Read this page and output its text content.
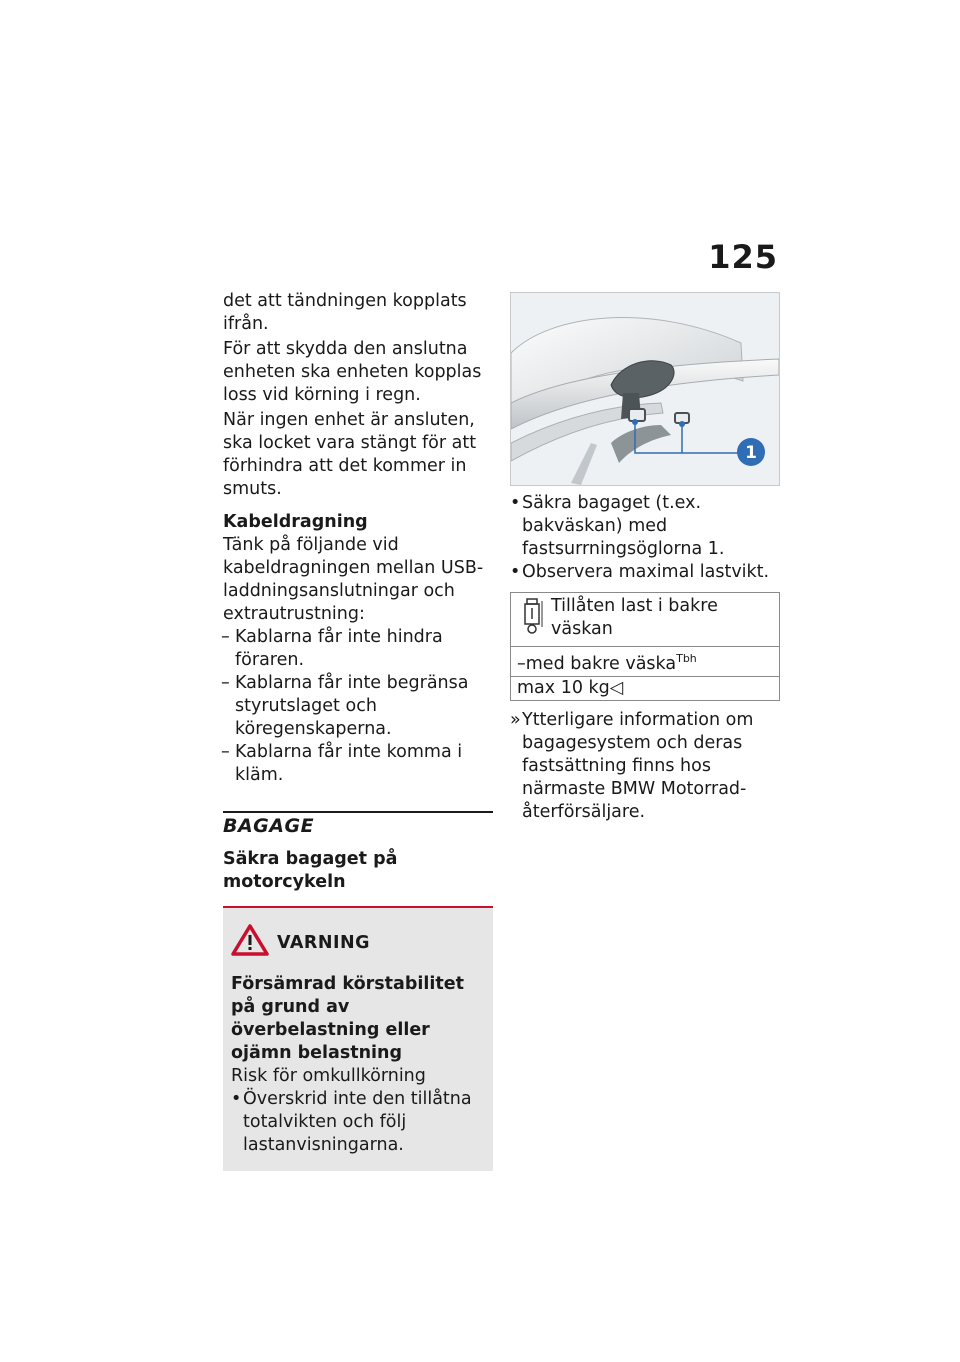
125

det att tändningen kopplats ifrån.

För att skydda den anslutna enheten ska enheten kopplas loss vid körning i regn.

När ingen enhet är ansluten, ska locket vara stängt för att förhindra att det kommer in smuts.

Kabeldragning

Tänk på följande vid kabeldragningen mellan USB-laddningsanslutningar och extrautrustning:

– Kablarna får inte hindra föraren.
– Kablarna får inte begränsa styrutslaget och köregenskaperna.
– Kablarna får inte komma i kläm.

BAGAGE

Säkra bagaget på motorcykeln

VARNING

Försämrad körstabilitet på grund av överbelastning eller ojämn belastning

Risk för omkullkörning

• Överskrid inte den tillåtna totalvikten och följ lastanvisningarna.
1
• Säkra bagaget (t.ex. bakväskan) med fastsurrningsöglorna 1.
• Observera maximal lastvikt.
Tillåten last i bakre väskan
–med bakre väska$^{Tbh}$
max 10 kg◁
» Ytterligare information om bagagesystem och deras fastsättning finns hos närmaste BMW Motorrad-återförsäljare.
